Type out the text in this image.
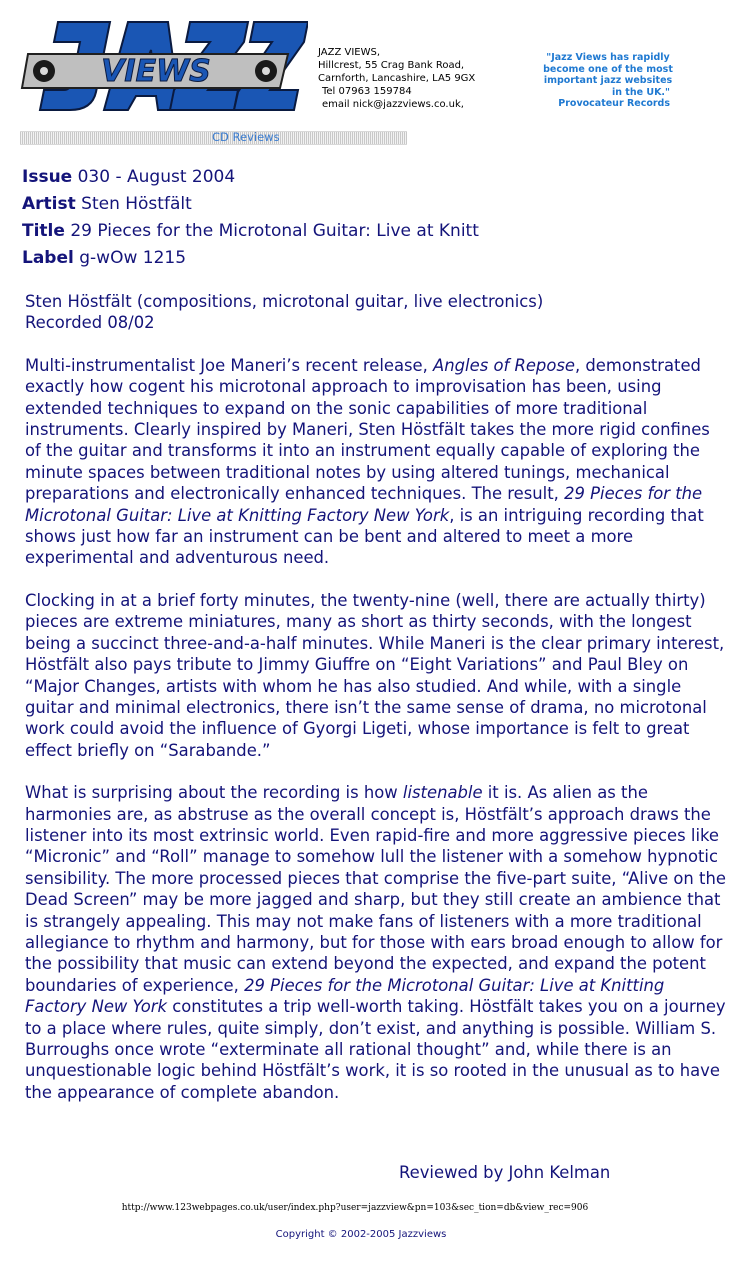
VIEWS
JAZZ VIEWS,
Hillcrest, 55 Crag Bank Road,
Carnforth, Lancashire, LA5 9GX
Tel 07963 159784
email nick@jazzviews.co.uk,
"Jazz Views has rapidly
become one of the most
important jazz websites
in the UK."
Provocateur Records
CD Reviews
Issue 030 - August 2004
Artist Sten Höstfält
Title 29 Pieces for the Microtonal Guitar: Live at Knitt
Label g-wOw 1215
Sten Höstfält (compositions, microtonal guitar, live electronics)
Recorded 08/02

Multi-instrumentalist Joe Maneri’s recent release, Angles of Repose, demonstrated exactly how cogent his microtonal approach to improvisation has been, using extended techniques to expand on the sonic capabilities of more traditional instruments. Clearly inspired by Maneri, Sten Höstfält takes the more rigid confines of the guitar and transforms it into an instrument equally capable of exploring the minute spaces between traditional notes by using altered tunings, mechanical preparations and electronically enhanced techniques. The result, 29 Pieces for the Microtonal Guitar: Live at Knitting Factory New York, is an intriguing recording that shows just how far an instrument can be bent and altered to meet a more experimental and adventurous need.

Clocking in at a brief forty minutes, the twenty-nine (well, there are actually thirty) pieces are extreme miniatures, many as short as thirty seconds, with the longest being a succinct three-and-a-half minutes. While Maneri is the clear primary interest, Höstfält also pays tribute to Jimmy Giuffre on “Eight Variations” and Paul Bley on “Major Changes, artists with whom he has also studied. And while, with a single guitar and minimal electronics, there isn’t the same sense of drama, no microtonal work could avoid the influence of Gyorgi Ligeti, whose importance is felt to great effect briefly on “Sarabande.”

What is surprising about the recording is how listenable it is. As alien as the harmonies are, as abstruse as the overall concept is, Höstfält’s approach draws the listener into its most extrinsic world. Even rapid-fire and more aggressive pieces like “Micronic” and “Roll” manage to somehow lull the listener with a somehow hypnotic sensibility. The more processed pieces that comprise the five-part suite, “Alive on the Dead Screen” may be more jagged and sharp, but they still create an ambience that is strangely appealing. This may not make fans of listeners with a more traditional allegiance to rhythm and harmony, but for those with ears broad enough to allow for the possibility that music can extend beyond the expected, and expand the potent boundaries of experience, 29 Pieces for the Microtonal Guitar: Live at Knitting Factory New York constitutes a trip well-worth taking. Höstfält takes you on a journey to a place where rules, quite simply, don’t exist, and anything is possible. William S. Burroughs once wrote “exterminate all rational thought” and, while there is an unquestionable logic behind Höstfält’s work, it is so rooted in the unusual as to have the appearance of complete abandon.

Reviewed by John Kelman
http://www.123webpages.co.uk/user/index.php?user=jazzview&pn=103&sec_tion=db&view_rec=906
Copyright © 2002-2005 Jazzviews
